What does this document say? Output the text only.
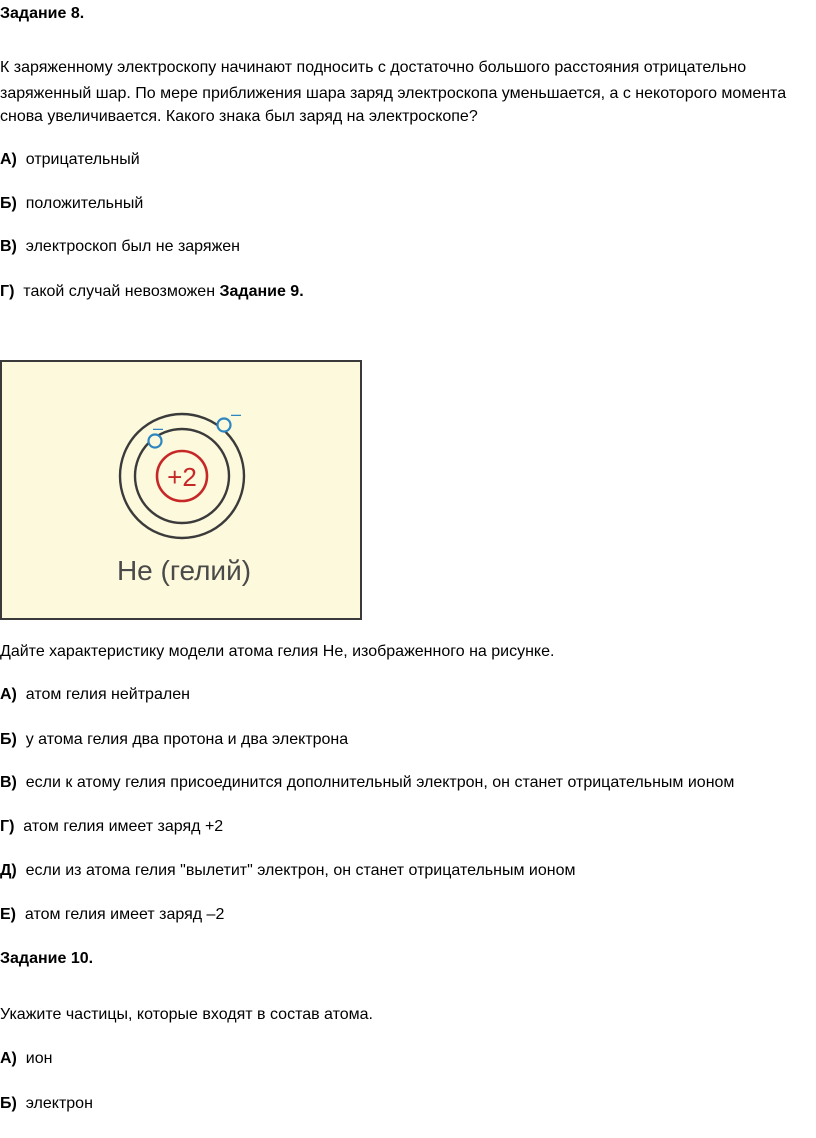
Задание 8.
К заряженному электроскопу начинают подносить с достаточно большого расстояния отрицательно
заряженный шар. По мере приближения шара заряд электроскопа уменьшается, а с некоторого момента
снова увеличивается. Какого знака был заряд на электроскопе?
А) отрицательный
Б) положительный
В) электроскоп был не заряжен
Г) такой случай невозможен Задание 9.
+2
–
–
He (гелий)
Дайте характеристику модели атома гелия He, изображенного на рисунке.
А) атом гелия нейтрален
Б) у атома гелия два протона и два электрона
В) если к атому гелия присоединится дополнительный электрон, он станет отрицательным ионом
Г) атом гелия имеет заряд +2
Д) если из атома гелия "вылетит" электрон, он станет отрицательным ионом
Е) атом гелия имеет заряд –2
Задание 10.
Укажите частицы, которые входят в состав атома.
А) ион
Б) электрон
